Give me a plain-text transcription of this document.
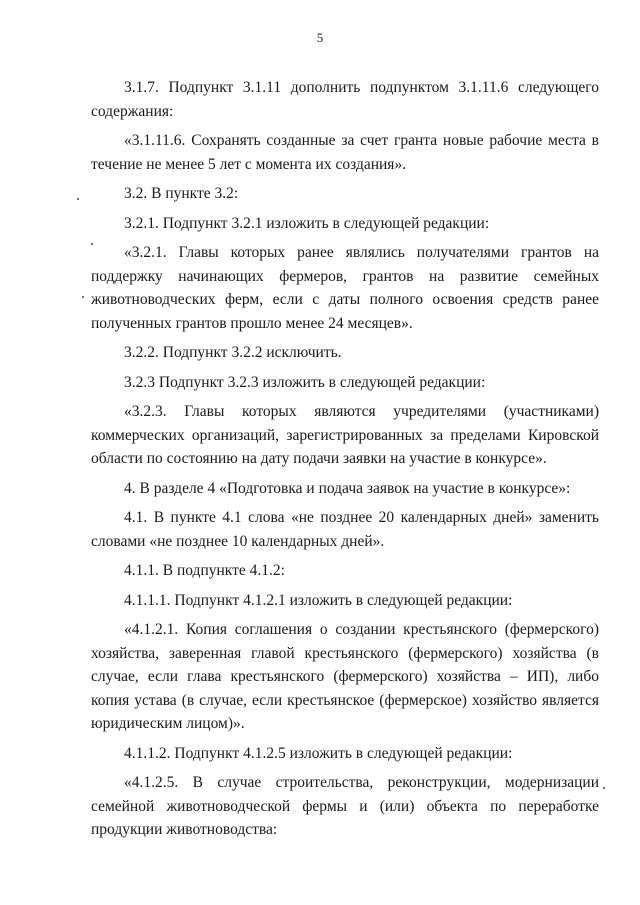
5

3.1.7. Подпункт 3.1.11 дополнить подпунктом 3.1.11.6 следующего содержания:

«3.1.11.6. Сохранять созданные за счет гранта новые рабочие места в течение не менее 5 лет с момента их создания».

3.2. В пункте 3.2:

3.2.1. Подпункт 3.2.1 изложить в следующей редакции:

«3.2.1. Главы которых ранее являлись получателями грантов на поддержку начинающих фермеров, грантов на развитие семейных животноводческих ферм, если с даты полного освоения средств ранее полученных грантов прошло менее 24 месяцев».

3.2.2. Подпункт 3.2.2 исключить.

3.2.3 Подпункт 3.2.3 изложить в следующей редакции:

«3.2.3. Главы которых являются учредителями (участниками) коммерческих организаций, зарегистрированных за пределами Кировской области по состоянию на дату подачи заявки на участие в конкурсе».

4. В разделе 4 «Подготовка и подача заявок на участие в конкурсе»:

4.1. В пункте 4.1 слова «не позднее 20 календарных дней» заменить словами «не позднее 10 календарных дней».

4.1.1. В подпункте 4.1.2:

4.1.1.1. Подпункт 4.1.2.1 изложить в следующей редакции:

«4.1.2.1. Копия соглашения о создании крестьянского (фермерского) хозяйства, заверенная главой крестьянского (фермерского) хозяйства (в случае, если глава крестьянского (фермерского) хозяйства – ИП), либо копия устава (в случае, если крестьянское (фермерское) хозяйство является юридическим лицом)».

4.1.1.2. Подпункт 4.1.2.5 изложить в следующей редакции:

«4.1.2.5. В случае строительства, реконструкции, модернизации семейной животноводческой фермы и (или) объекта по переработке продукции животноводства:
